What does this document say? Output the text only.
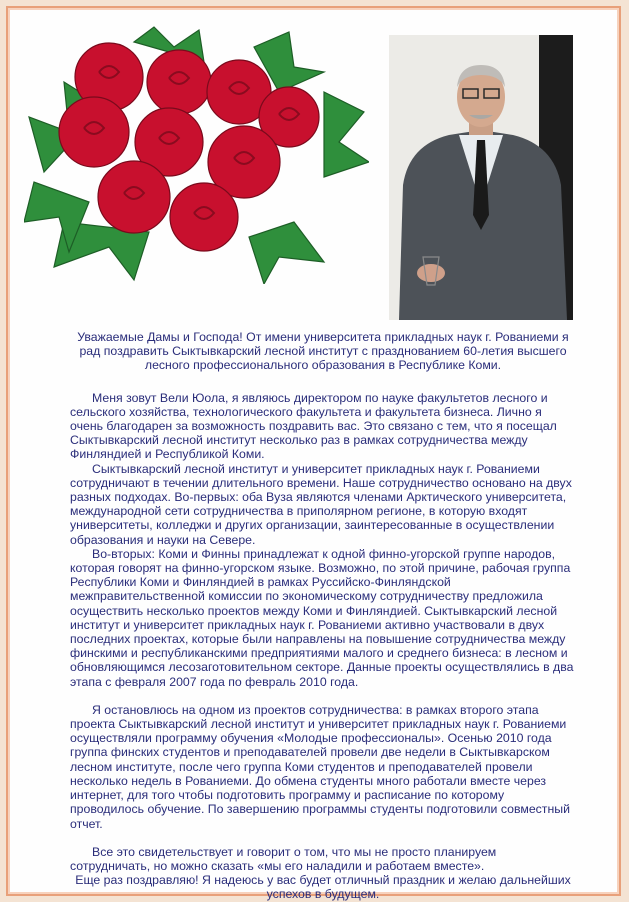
Уважаемые Дамы и Господа! От имени университета прикладных наук г. Рованиеми я рад поздравить Сыктывкарский лесной институт с празднованием 60-летия высшего лесного профессионального образования в Республике Коми.

Меня зовут Вели Юола, я являюсь директором по науке факультетов лесного и сельского хозяйства, технологического факультета и факультета бизнеса. Лично я очень благодарен за возможность поздравить вас. Это связано с тем, что я посещал Сыктывкарский лесной институт несколько раз в рамках сотрудничества между Финляндией и Республикой Коми.

Сыктывкарский лесной институт и университет прикладных наук г. Рованиеми сотрудничают в течении длительного времени. Наше сотрудничество основано на двух разных подходах. Во-первых: оба Вуза являются членами Арктического университета, международной сети сотрудничества в приполярном регионе, в которую входят университеты, колледжи и других организации, заинтересованные в осуществлении образования и науки на Севере.

Во-вторых: Коми и Финны принадлежат к одной финно-угорской группе народов, которая говорят на финно-угорском языке. Возможно, по этой причине, рабочая группа Республики Коми и Финляндией в рамках Руссийско-Финляндской межправительственной комиссии по экономическому сотрудничеству предложила осуществить несколько проектов между Коми и Финляндией. Сыктывкарский лесной институт и университет прикладных наук г. Рованиеми активно участвовали в двух последних проектах, которые были направлены на повышение сотрудничества между финскими и республиканскими предприятиями малого и среднего бизнеса: в лесном и обновляющимся лесозаготовительном секторе. Данные проекты осуществлялись в два этапа с февраля 2007 года по февраль 2010 года.

Я остановлюсь на одном из проектов сотрудничества: в рамках второго этапа проекта Сыктывкарский лесной институт и университет прикладных наук г. Рованиеми осуществляли программу обучения «Молодые профессионалы». Осенью 2010 года группа финских студентов и преподавателей провели две недели в Сыктывкарском лесном институте, после чего группа Коми студентов и преподавателей провели несколько недель в Рованиеми. До обмена студенты много работали вместе через интернет, для того чтобы подготовить программу и расписание по которому проводилось обучение. По завершению программы студенты подготовили совместный отчет.

Все это свидетельствует и говорит о том, что мы не просто планируем сотрудничать, но можно сказать «мы его наладили и работаем вместе».

Еще раз поздравляю! Я надеюсь у вас будет отличный праздник и желаю дальнейших успехов в будущем.
